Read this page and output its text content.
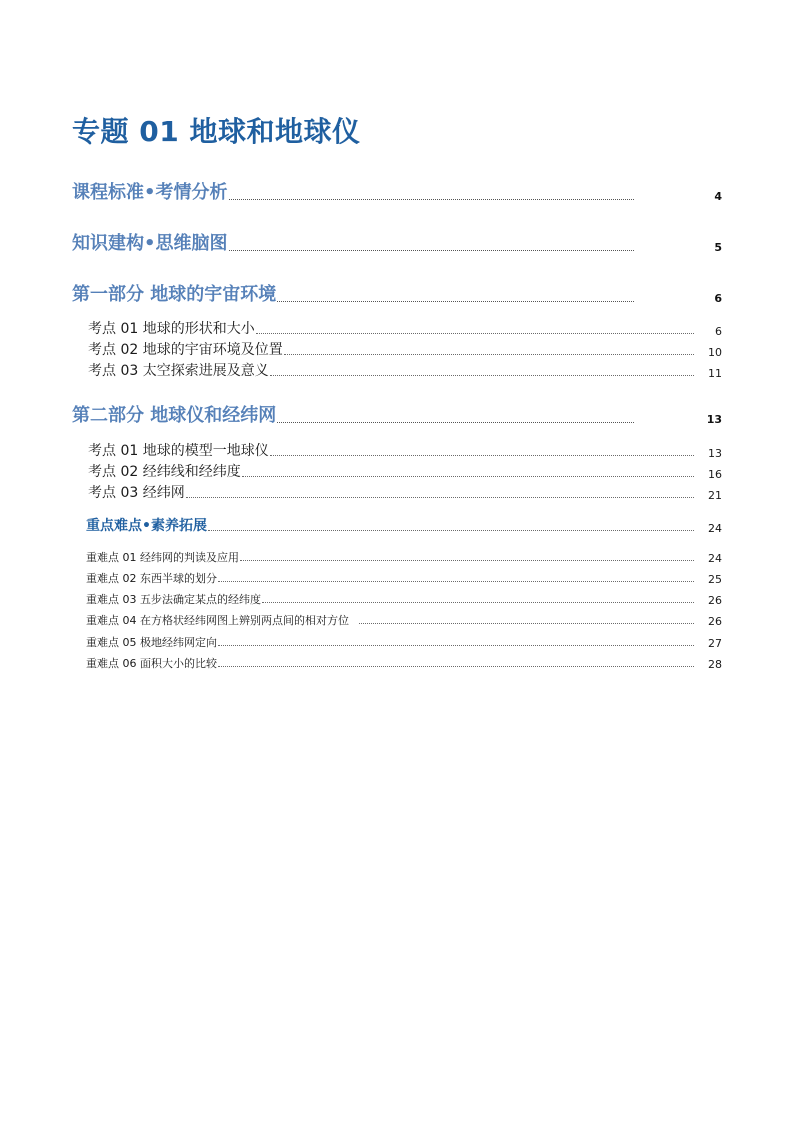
专题 01 地球和地球仪
课程标准•考情分析	4
知识建构•思维脑图	5
第一部分 地球的宇宙环境	6
考点 01 地球的形状和大小	6
考点 02 地球的宇宙环境及位置	10
考点 03 太空探索进展及意义	11
第二部分 地球仪和经纬网	13
考点 01 地球的模型一地球仪	13
考点 02 经纬线和经纬度	16
考点 03 经纬网	21
重点难点•素养拓展	24
重难点 01 经纬网的判读及应用	24
重难点 02 东西半球的划分	25
重难点 03 五步法确定某点的经纬度	26
重难点 04 在方格状经纬网图上辨别两点间的相对方位	26
重难点 05 极地经纬网定向	27
重难点 06 面积大小的比较	28
